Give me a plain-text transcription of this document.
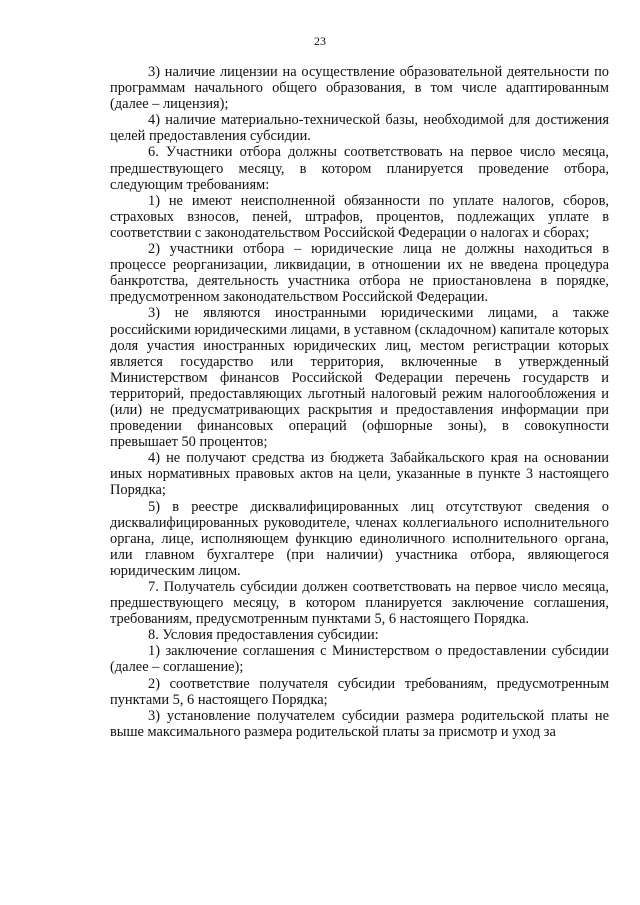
23

3) наличие лицензии на осуществление образовательной деятельности по программам начального общего образования, в том числе адаптированным (далее – лицензия);

4) наличие материально-технической базы, необходимой для достижения целей предоставления субсидии.

6. Участники отбора должны соответствовать на первое число месяца, предшествующего месяцу, в котором планируется проведение отбора, следующим требованиям:

1) не имеют неисполненной обязанности по уплате налогов, сборов, страховых взносов, пеней, штрафов, процентов, подлежащих уплате в соответствии с законодательством Российской Федерации о налогах и сборах;

2) участники отбора – юридические лица не должны находиться в процессе реорганизации, ликвидации, в отношении их не введена процедура банкротства, деятельность участника отбора не приостановлена в порядке, предусмотренном законодательством Российской Федерации.

3) не являются иностранными юридическими лицами, а также российскими юридическими лицами, в уставном (складочном) капитале которых доля участия иностранных юридических лиц, местом регистрации которых является государство или территория, включенные в утвержденный Министерством финансов Российской Федерации перечень государств и территорий, предоставляющих льготный налоговый режим налогообложения и (или) не предусматривающих раскрытия и предоставления информации при проведении финансовых операций (офшорные зоны), в совокупности превышает 50 процентов;

4) не получают средства из бюджета Забайкальского края на основании иных нормативных правовых актов на цели, указанные в пункте 3 настоящего Порядка;

5) в реестре дисквалифицированных лиц отсутствуют сведения о дисквалифицированных руководителе, членах коллегиального исполнительного органа, лице, исполняющем функцию единоличного исполнительного органа, или главном бухгалтере (при наличии) участника отбора, являющегося юридическим лицом.

7. Получатель субсидии должен соответствовать на первое число месяца, предшествующего месяцу, в котором планируется заключение соглашения, требованиям, предусмотренным пунктами 5, 6 настоящего Порядка.

8. Условия предоставления субсидии:

1) заключение соглашения с Министерством о предоставлении субсидии (далее – соглашение);

2) соответствие получателя субсидии требованиям, предусмотренным пунктами 5, 6 настоящего Порядка;

3) установление получателем субсидии размера родительской платы не выше максимального размера родительской платы за присмотр и уход за
